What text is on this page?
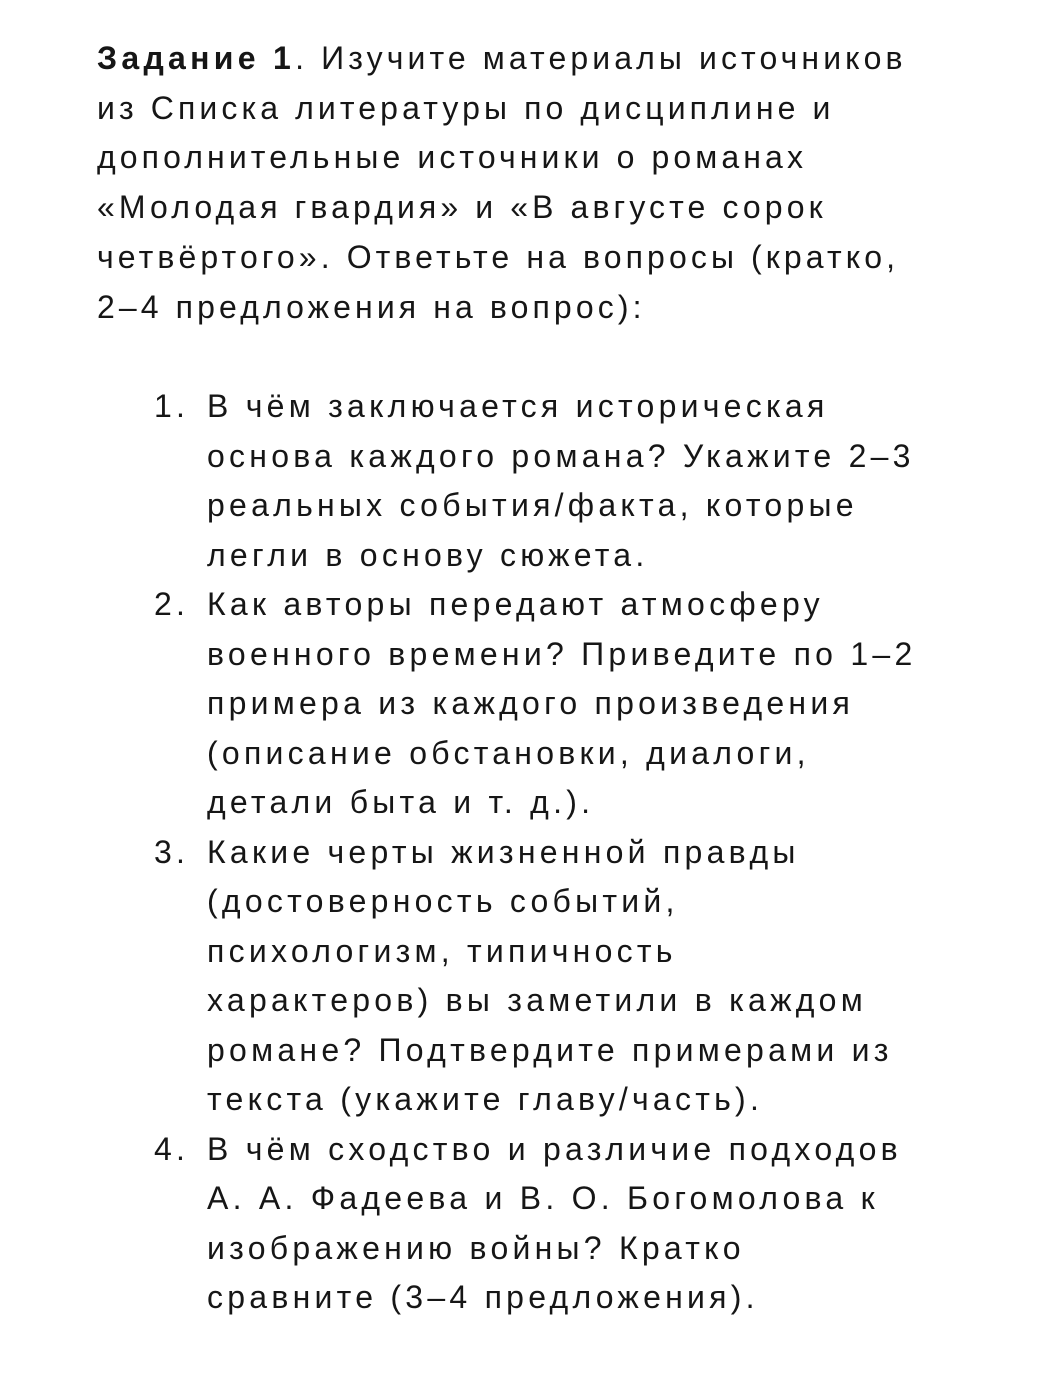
Задание 1. Изучите материалы источников
из Списка литературы по дисциплине и
дополнительные источники о романах
«Молодая гвардия» и «В августе сорок
четвёртого». Ответьте на вопросы (кратко,
2–4 предложения на вопрос):

1. В чём заключается историческая
основа каждого романа? Укажите 2–3
реальных события/факта, которые
легли в основу сюжета.
2. Как авторы передают атмосферу
военного времени? Приведите по 1–2
примера из каждого произведения
(описание обстановки, диалоги,
детали быта и т. д.).
3. Какие черты жизненной правды
(достоверность событий,
психологизм, типичность
характеров) вы заметили в каждом
романе? Подтвердите примерами из
текста (укажите главу/часть).
4. В чём сходство и различие подходов
А. А. Фадеева и В. О. Богомолова к
изображению войны? Кратко
сравните (3–4 предложения).
